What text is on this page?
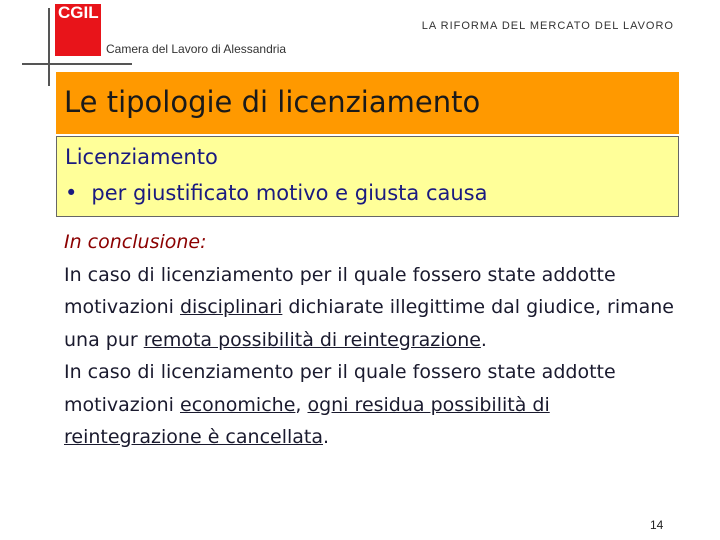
CGIL
Camera del Lavoro di Alessandria
LA RIFORMA DEL MERCATO DEL LAVORO
Le tipologie di licenziamento
Licenziamento
• per giustificato motivo e giusta causa
In conclusione:
In caso di licenziamento per il quale fossero state addotte motivazioni disciplinari dichiarate illegittime dal giudice, rimane una pur remota possibilità di reintegrazione.
In caso di licenziamento per il quale fossero state addotte motivazioni economiche, ogni residua possibilità di reintegrazione è cancellata.
14
